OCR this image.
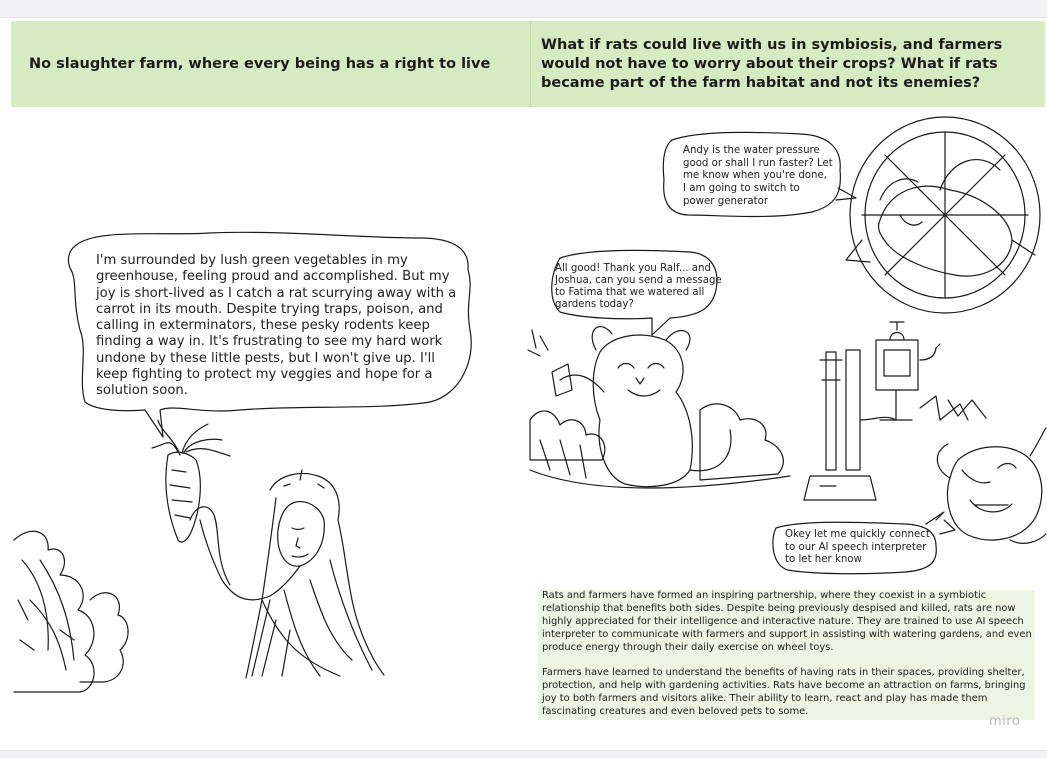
No slaughter farm, where every being has a right to live
What if rats could live with us in symbiosis, and farmers would not have to worry about their crops? What if rats became part of the farm habitat and not its enemies?
I'm surrounded by lush green vegetables in my greenhouse, feeling proud and accomplished. But my joy is short-lived as I catch a rat scurrying away with a carrot in its mouth. Despite trying traps, poison, and calling in exterminators, these pesky rodents keep finding a way in. It's frustrating to see my hard work undone by these little pests, but I won't give up. I'll keep fighting to protect my veggies and hope for a solution soon.
Andy is the water pressure good or shall I run faster? Let me know when you're done, I am going to switch to power generator
All good! Thank you Ralf... and Joshua, can you send a message to Fatima that we watered all gardens today?
Okey let me quickly connect to our AI speech interpreter to let her know

Rats and farmers have formed an inspiring partnership, where they coexist in a symbiotic relationship that benefits both sides. Despite being previously despised and killed, rats are now highly appreciated for their intelligence and interactive nature. They are trained to use AI speech interpreter to communicate with farmers and support in assisting with watering gardens, and even produce energy through their daily exercise on wheel toys.

Farmers have learned to understand the benefits of having rats in their spaces, providing shelter, protection, and help with gardening activities. Rats have become an attraction on farms, bringing joy to both farmers and visitors alike. Their ability to learn, react and play has made them fascinating creatures and even beloved pets to some.

miro
